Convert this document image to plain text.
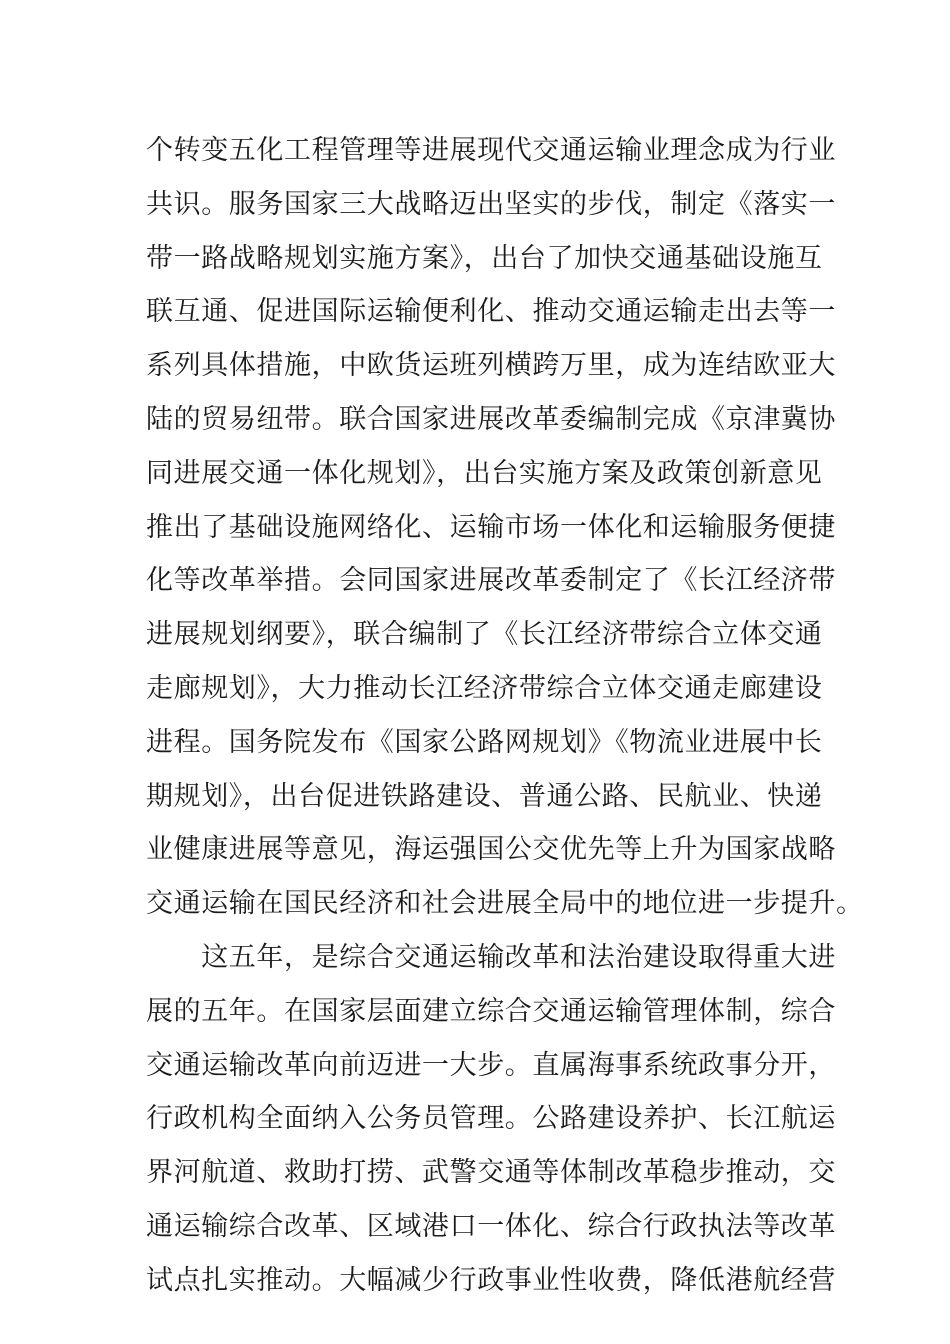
个转变五化工程管理等进展现代交通运输业理念成为行业
共识。服务国家三大战略迈出坚实的步伐，制定《落实一
带一路战略规划实施方案》，出台了加快交通基础设施互
联互通、促进国际运输便利化、推动交通运输走出去等一
系列具体措施，中欧货运班列横跨万里，成为连结欧亚大
陆的贸易纽带。联合国家进展改革委编制完成《京津冀协
同进展交通一体化规划》，出台实施方案及政策创新意见
推出了基础设施网络化、运输市场一体化和运输服务便捷
化等改革举措。会同国家进展改革委制定了《长江经济带
进展规划纲要》，联合编制了《长江经济带综合立体交通
走廊规划》，大力推动长江经济带综合立体交通走廊建设
进程。国务院发布《国家公路网规划》《物流业进展中长
期规划》，出台促进铁路建设、普通公路、民航业、快递
业健康进展等意见，海运强国公交优先等上升为国家战略
交通运输在国民经济和社会进展全局中的地位进一步提升。
　　这五年，是综合交通运输改革和法治建设取得重大进
展的五年。在国家层面建立综合交通运输管理体制，综合
交通运输改革向前迈进一大步。直属海事系统政事分开，
行政机构全面纳入公务员管理。公路建设养护、长江航运
界河航道、救助打捞、武警交通等体制改革稳步推动，交
通运输综合改革、区域港口一体化、综合行政执法等改革
试点扎实推动。大幅减少行政事业性收费，降低港航经营
